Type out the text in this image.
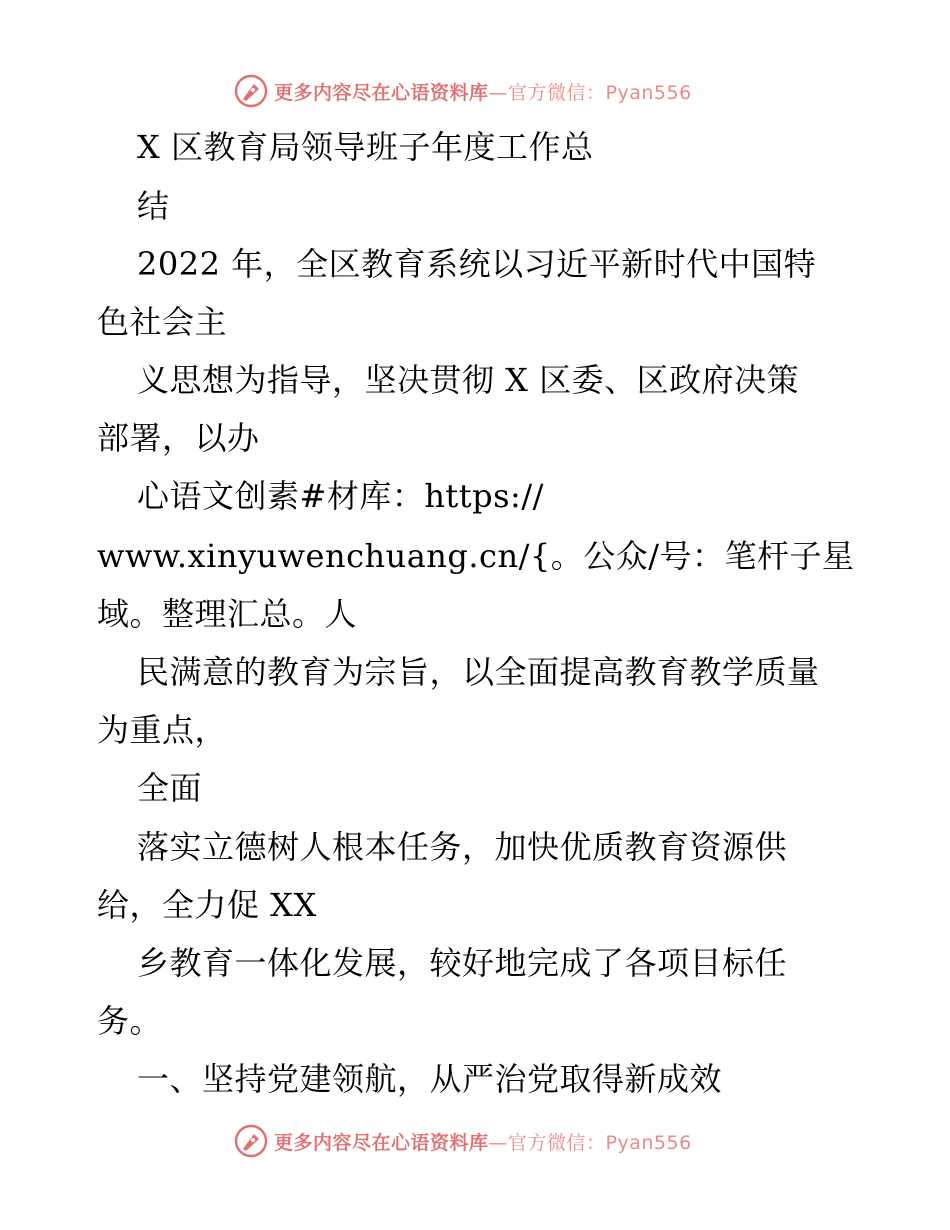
更多内容尽在心语资料库—官方微信：Pyan556
X 区教育局领导班子年度工作总
结
2022 年，全区教育系统以习近平新时代中国特
色社会主
义思想为指导，坚决贯彻 X 区委、区政府决策
部署，以办
心语文创素#材库：https://
www.xinyuwenchuang.cn/{。公众/号：笔杆子星
域。整理汇总。人
民满意的教育为宗旨，以全面提高教育教学质量
为重点，
全面
落实立德树人根本任务，加快优质教育资源供
给，全力促 XX
乡教育一体化发展，较好地完成了各项目标任
务。
一、坚持党建领航，从严治党取得新成效
更多内容尽在心语资料库—官方微信：Pyan556
